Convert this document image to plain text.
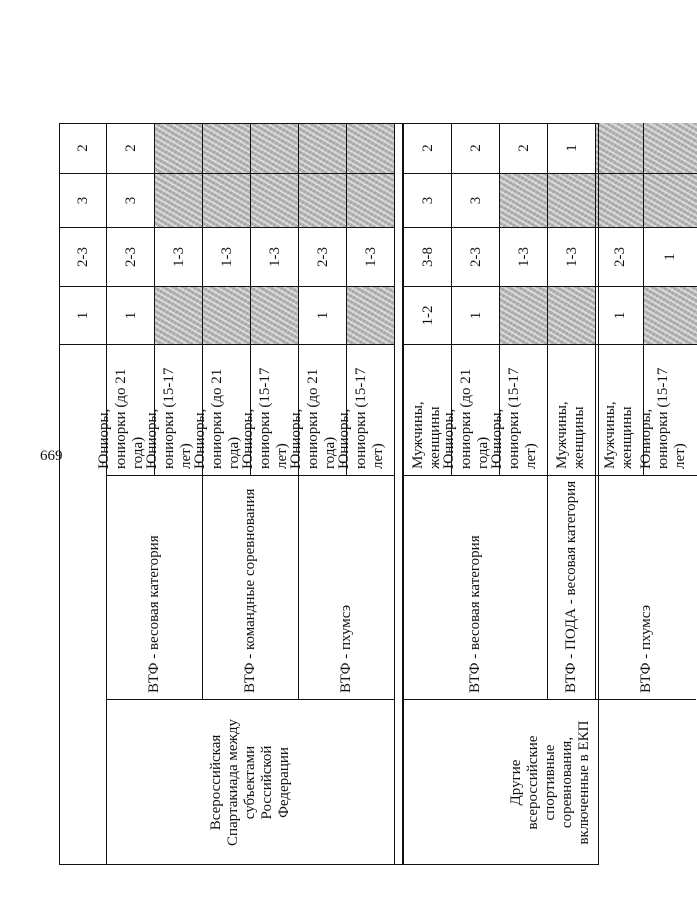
669
1
2-3
3
2
Всероссийская Спартакиада между субъектами Российской Федерации
Юниоры, юниорки (до 21 года)
1
2-3
3
2
Юниоры, юниорки (15-17 лет)
1-3
ВТФ - весовая категория
Юниоры, юниорки (до 21 года)
1-3
Юниоры, юниорки (15-17 лет)
1-3
ВТФ - командные соревнования
Юниоры, юниорки (до 21 года)
1
2-3
Юниоры, юниорки (15-17 лет)
1-3
ВТФ - пхумсэ
Другие всероссийские спортивные соревнования, включенные в ЕКП
Мужчины, женщины
1-2
3-8
3
2
Юниоры, юниорки (до 21 года)
1
2-3
3
2
Юниоры, юниорки (15-17 лет)
1-3
2
ВТФ - весовая категория
Мужчины, женщины
1-3
1
ВТФ - ПОДА - весовая категория
Мужчины, женщины
1
2-3
Юниоры, юниорки (15-17 лет)
1
ВТФ - пхумсэ
